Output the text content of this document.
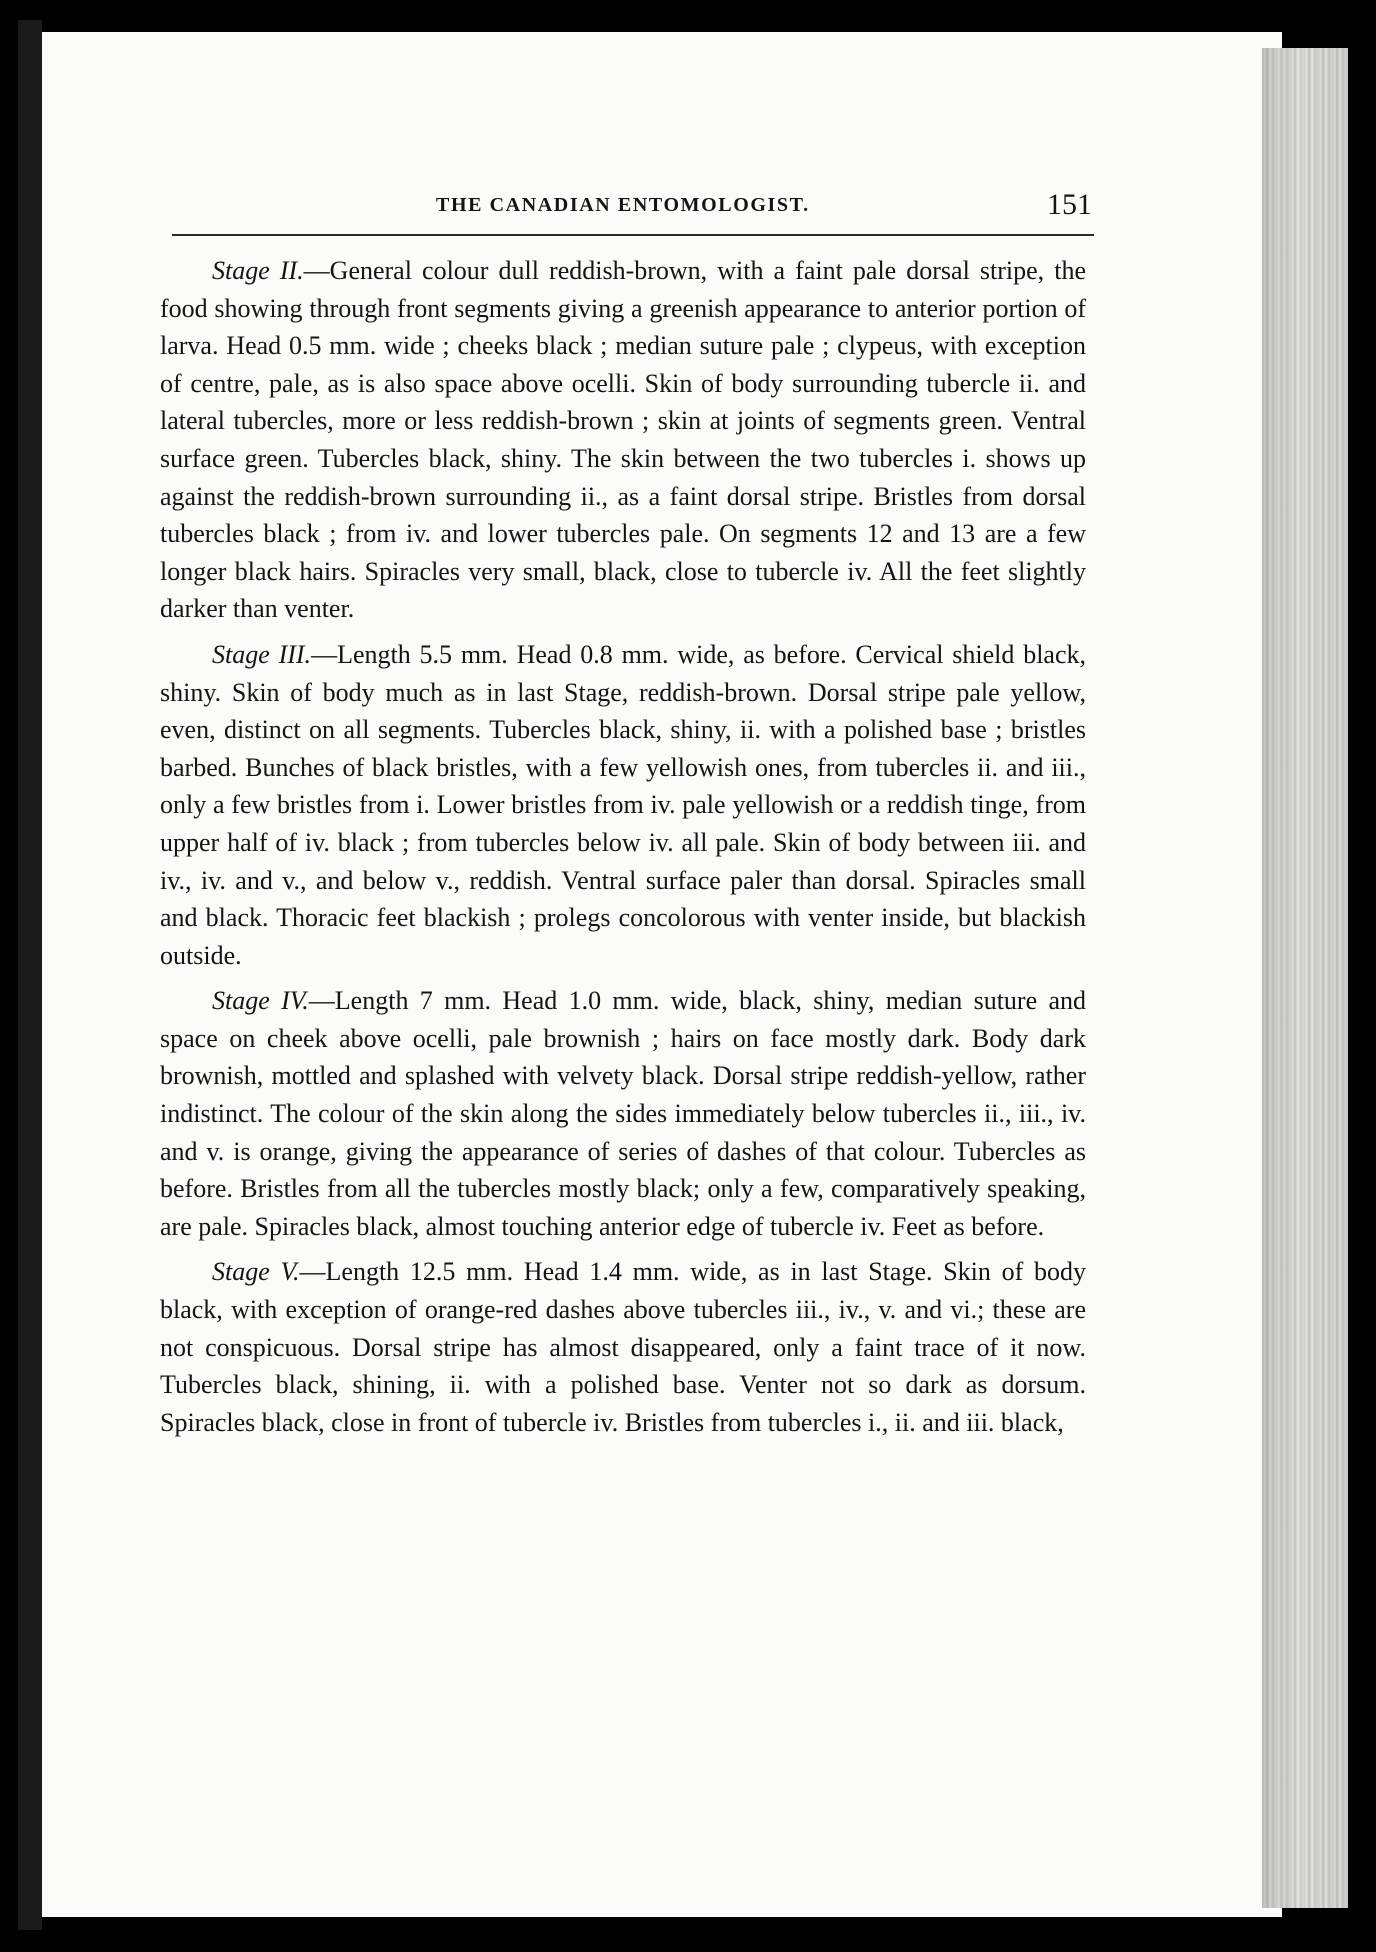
THE CANADIAN ENTOMOLOGIST.	151

Stage II.—General colour dull reddish-brown, with a faint pale dorsal stripe, the food showing through front segments giving a greenish appearance to anterior portion of larva. Head 0.5 mm. wide ; cheeks black ; median suture pale ; clypeus, with exception of centre, pale, as is also space above ocelli. Skin of body surrounding tubercle ii. and lateral tubercles, more or less reddish-brown ; skin at joints of segments green. Ventral surface green. Tubercles black, shiny. The skin between the two tubercles i. shows up against the reddish-brown surrounding ii., as a faint dorsal stripe. Bristles from dorsal tubercles black ; from iv. and lower tubercles pale. On segments 12 and 13 are a few longer black hairs. Spiracles very small, black, close to tubercle iv. All the feet slightly darker than venter.

Stage III.—Length 5.5 mm. Head 0.8 mm. wide, as before. Cervical shield black, shiny. Skin of body much as in last Stage, reddish-brown. Dorsal stripe pale yellow, even, distinct on all segments. Tubercles black, shiny, ii. with a polished base ; bristles barbed. Bunches of black bristles, with a few yellowish ones, from tubercles ii. and iii., only a few bristles from i. Lower bristles from iv. pale yellowish or a reddish tinge, from upper half of iv. black ; from tubercles below iv. all pale. Skin of body between iii. and iv., iv. and v., and below v., reddish. Ventral surface paler than dorsal. Spiracles small and black. Thoracic feet blackish ; prolegs concolorous with venter inside, but blackish outside.

Stage IV.—Length 7 mm. Head 1.0 mm. wide, black, shiny, median suture and space on cheek above ocelli, pale brownish ; hairs on face mostly dark. Body dark brownish, mottled and splashed with velvety black. Dorsal stripe reddish-yellow, rather indistinct. The colour of the skin along the sides immediately below tubercles ii., iii., iv. and v. is orange, giving the appearance of series of dashes of that colour. Tubercles as before. Bristles from all the tubercles mostly black; only a few, comparatively speaking, are pale. Spiracles black, almost touching anterior edge of tubercle iv. Feet as before.

Stage V.—Length 12.5 mm. Head 1.4 mm. wide, as in last Stage. Skin of body black, with exception of orange-red dashes above tubercles iii., iv., v. and vi.; these are not conspicuous. Dorsal stripe has almost disappeared, only a faint trace of it now. Tubercles black, shining, ii. with a polished base. Venter not so dark as dorsum. Spiracles black, close in front of tubercle iv. Bristles from tubercles i., ii. and iii. black,
